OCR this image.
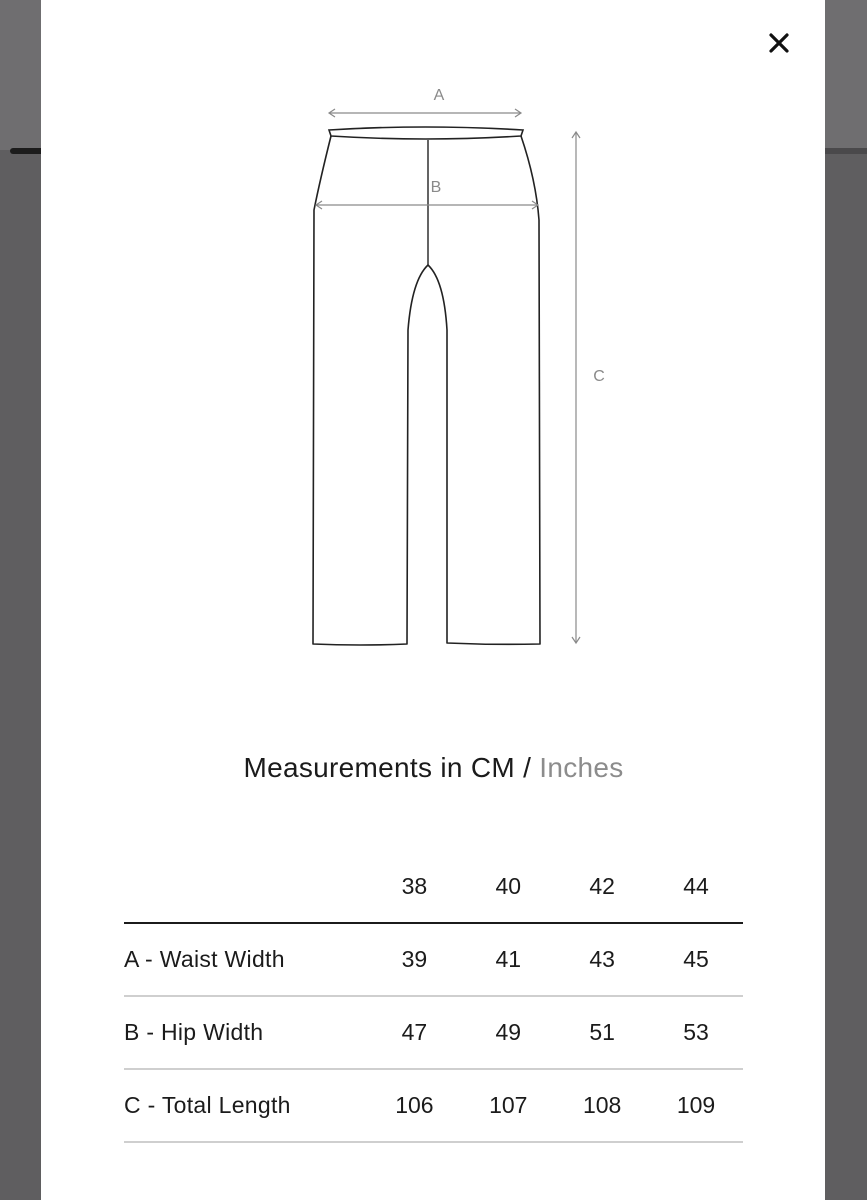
A
B
C
Measurements in CM / Inches
	38	40	42	44
A - Waist Width	39	41	43	45
B - Hip Width	47	49	51	53
C - Total Length	106	107	108	109
